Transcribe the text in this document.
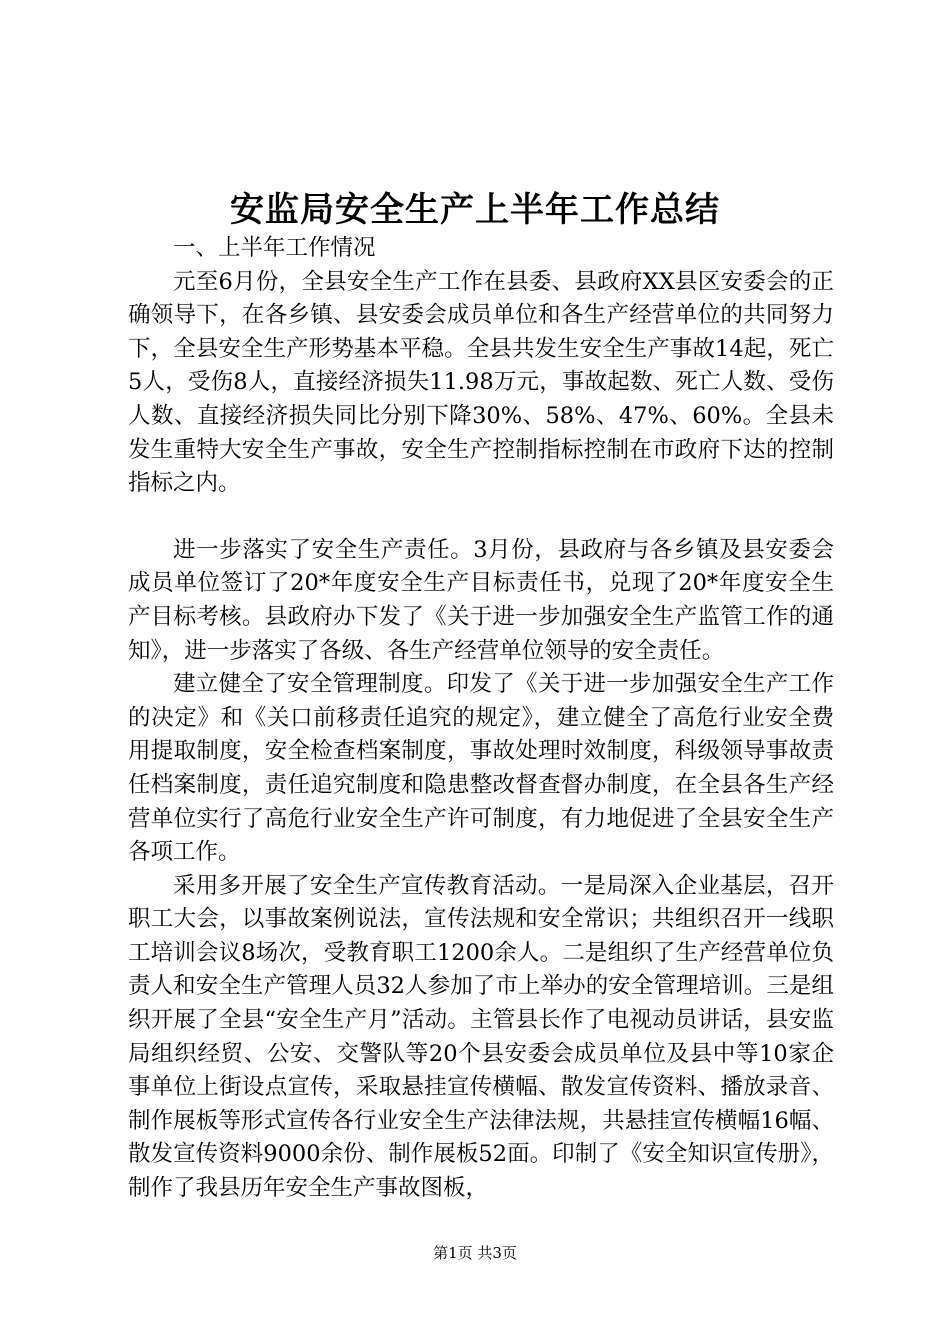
安监局安全生产上半年工作总结

一、上半年工作情况

元至6月份，全县安全生产工作在县委、县政府XX县区安委会的正确领导下，在各乡镇、县安委会成员单位和各生产经营单位的共同努力下，全县安全生产形势基本平稳。全县共发生安全生产事故14起，死亡5人，受伤8人，直接经济损失11.98万元，事故起数、死亡人数、受伤人数、直接经济损失同比分别下降30%、58%、47%、60%。全县未发生重特大安全生产事故，安全生产控制指标控制在市政府下达的控制指标之内。

进一步落实了安全生产责任。3月份，县政府与各乡镇及县安委会成员单位签订了20*年度安全生产目标责任书，兑现了20*年度安全生产目标考核。县政府办下发了《关于进一步加强安全生产监管工作的通知》，进一步落实了各级、各生产经营单位领导的安全责任。

建立健全了安全管理制度。印发了《关于进一步加强安全生产工作的决定》和《关口前移责任追究的规定》，建立健全了高危行业安全费用提取制度，安全检查档案制度，事故处理时效制度，科级领导事故责任档案制度，责任追究制度和隐患整改督查督办制度，在全县各生产经营单位实行了高危行业安全生产许可制度，有力地促进了全县安全生产各项工作。

采用多开展了安全生产宣传教育活动。一是局深入企业基层，召开职工大会，以事故案例说法，宣传法规和安全常识；共组织召开一线职工培训会议8场次，受教育职工1200余人。二是组织了生产经营单位负责人和安全生产管理人员32人参加了市上举办的安全管理培训。三是组织开展了全县“安全生产月”活动。主管县长作了电视动员讲话，县安监局组织经贸、公安、交警队等20个县安委会成员单位及县中等10家企事单位上街设点宣传，采取悬挂宣传横幅、散发宣传资料、播放录音、制作展板等形式宣传各行业安全生产法律法规，共悬挂宣传横幅16幅、散发宣传资料9000余份、制作展板52面。印制了《安全知识宣传册》，制作了我县历年安全生产事故图板，

第1页 共3页
